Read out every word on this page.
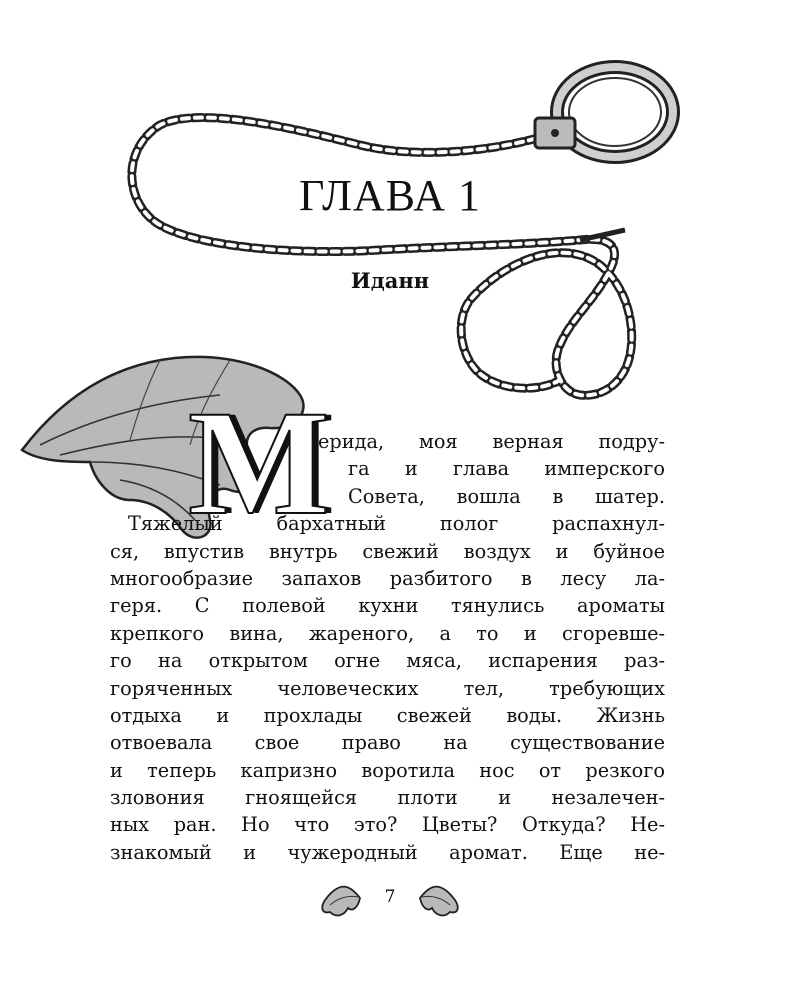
ГЛАВА 1
Иданн
М
ерида, моя верная подру-
га и глава имперского
Совета, вошла в шатер.
Тяжелый бархатный полог распахнул-
ся, впустив внутрь свежий воздух и буйное
многообразие запахов разбитого в лесу ла-
геря. С полевой кухни тянулись ароматы
крепкого вина, жареного, а то и сгоревше-
го на открытом огне мяса, испарения раз-
горяченных человеческих тел, требующих
отдыха и прохлады свежей воды. Жизнь
отвоевала свое право на существование
и теперь капризно воротила нос от резкого
зловония гноящейся плоти и незалечен-
ных ран. Но что это? Цветы? Откуда? Не-
знакомый и чужеродный аромат. Еще не-
7
